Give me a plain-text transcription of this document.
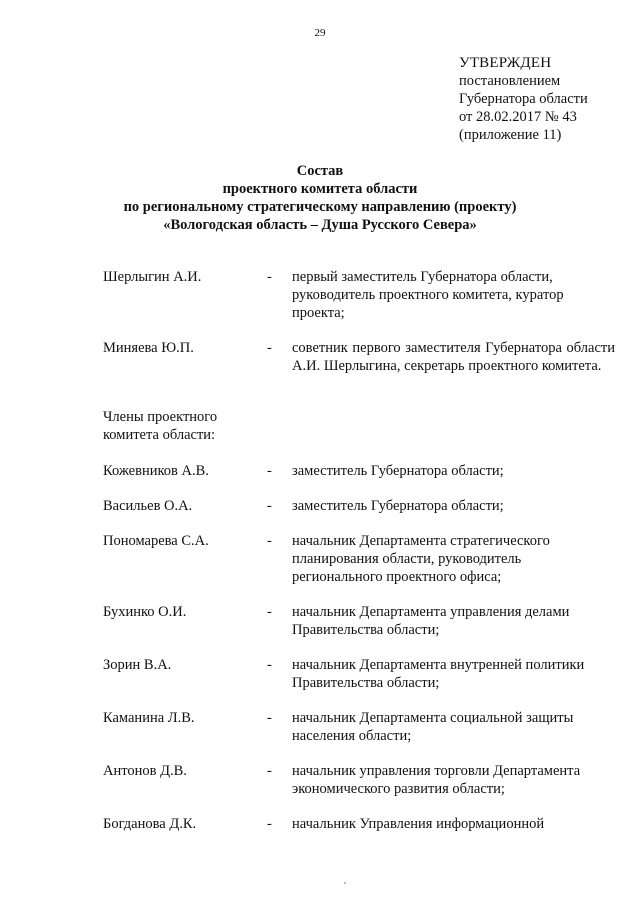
29
УТВЕРЖДЕН
постановлением
Губернатора области
от 28.02.2017 № 43
(приложение 11)
Состав
проектного комитета области
по региональному стратегическому направлению (проекту)
«Вологодская область – Душа Русского Севера»
Шерлыгин А.И.	- первый заместитель Губернатора области, руководитель проектного комитета, куратор проекта;
Миняева Ю.П.	- советник первого заместителя Губернатора области А.И. Шерлыгина, секретарь проектного комитета.
Члены проектного комитета области:
Кожевников А.В.	- заместитель Губернатора области;
Васильев О.А.	- заместитель Губернатора области;
Пономарева С.А.	- начальник Департамента стратегического планирования области, руководитель регионального проектного офиса;
Бухинко О.И.	- начальник Департамента управления делами Правительства области;
Зорин В.А.	- начальник Департамента внутренней политики Правительства области;
Каманина Л.В.	- начальник Департамента социальной защиты населения области;
Антонов Д.В.	- начальник управления торговли Департамента экономического развития области;
Богданова Д.К.	- начальник Управления информационной
